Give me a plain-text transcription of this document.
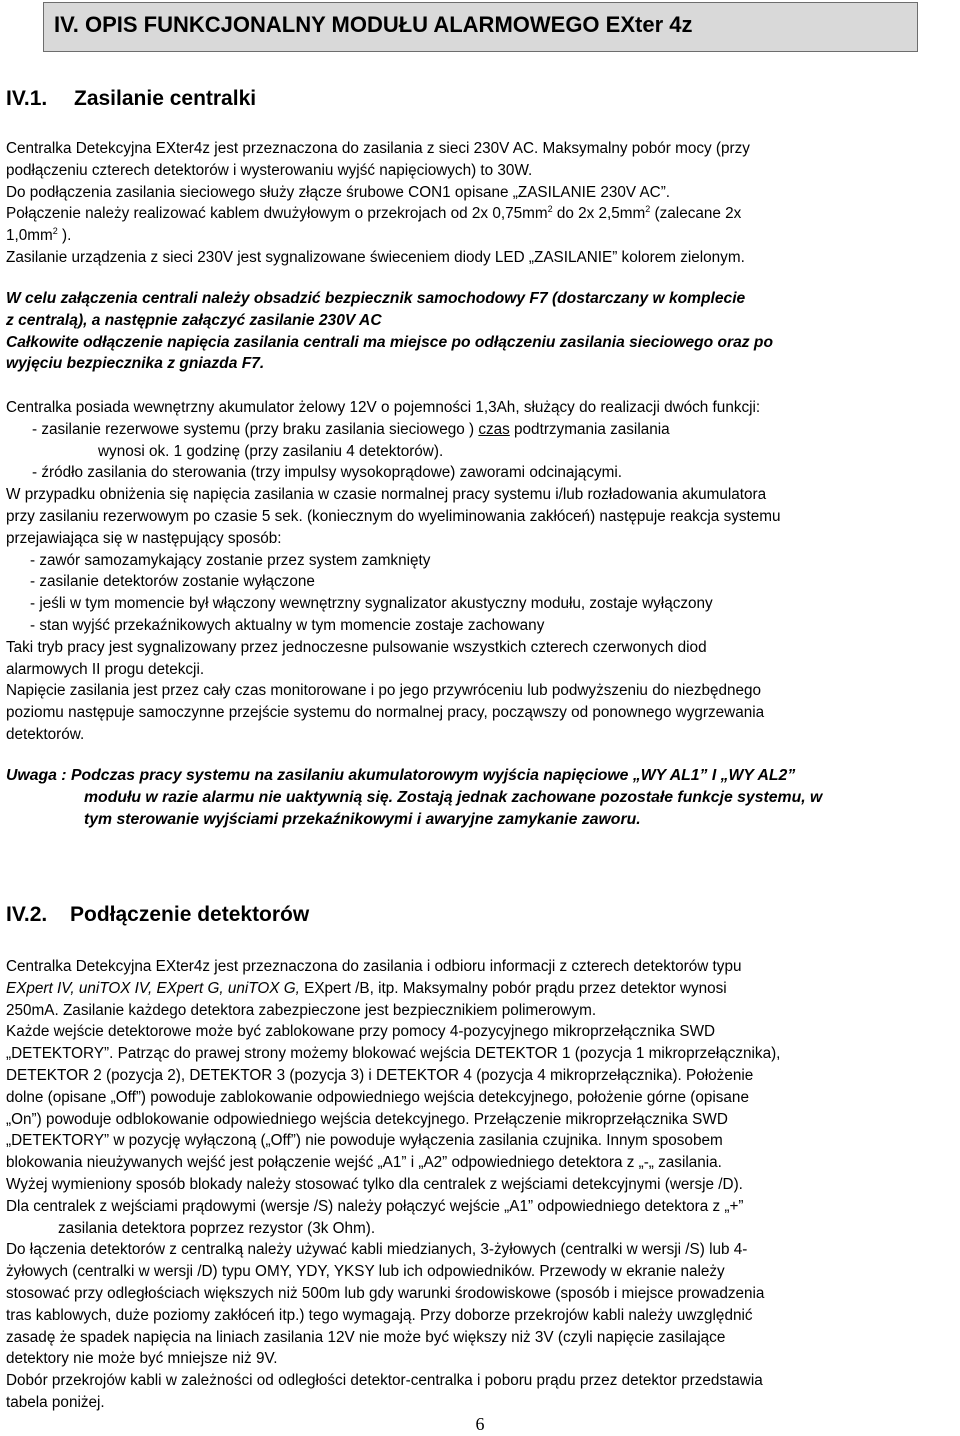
IV. OPIS FUNKCJONALNY MODUŁU ALARMOWEGO EXter 4z
IV.1. Zasilanie centralki
Centralka Detekcyjna EXter4z jest przeznaczona do zasilania z sieci 230V AC. Maksymalny pobór mocy (przy
podłączeniu czterech detektorów i wysterowaniu wyjść napięciowych) to 30W.
Do podłączenia zasilania sieciowego służy złącze śrubowe CON1 opisane „ZASILANIE 230V AC”.
Połączenie należy realizować kablem dwużyłowym o przekrojach od 2x $0,75mm^2$ do 2x $2,5mm^2$ (zalecane 2x
$1,0mm^2$ ).
Zasilanie urządzenia z sieci 230V jest sygnalizowane świeceniem diody LED „ZASILANIE” kolorem zielonym.
W celu załączenia centrali należy obsadzić bezpiecznik samochodowy F7 (dostarczany w komplecie
z centralą), a następnie załączyć zasilanie 230V AC
Całkowite odłączenie napięcia zasilania centrali ma miejsce po odłączeniu zasilania sieciowego oraz po
wyjęciu bezpiecznika z gniazda F7.
Centralka posiada wewnętrzny akumulator żelowy 12V o pojemności 1,3Ah, służący do realizacji dwóch funkcji:
- zasilanie rezerwowe systemu (przy braku zasilania sieciowego ) czas podtrzymania zasilania
wynosi ok. 1 godzinę (przy zasilaniu 4 detektorów).
- źródło zasilania do sterowania (trzy impulsy wysokoprądowe) zaworami odcinającymi.
W przypadku obniżenia się napięcia zasilania w czasie normalnej pracy systemu i/lub rozładowania akumulatora
przy zasilaniu rezerwowym po czasie 5 sek. (koniecznym do wyeliminowania zakłóceń) następuje reakcja systemu
przejawiająca się w następujący sposób:
- zawór samozamykający zostanie przez system zamknięty
- zasilanie detektorów zostanie wyłączone
- jeśli w tym momencie był włączony wewnętrzny sygnalizator akustyczny modułu, zostaje wyłączony
- stan wyjść przekaźnikowych aktualny w tym momencie zostaje zachowany
Taki tryb pracy jest sygnalizowany przez jednoczesne pulsowanie wszystkich czterech czerwonych diod
alarmowych II progu detekcji.
Napięcie zasilania jest przez cały czas monitorowane i po jego przywróceniu lub podwyższeniu do niezbędnego
poziomu następuje samoczynne przejście systemu do normalnej pracy, począwszy od ponownego wygrzewania
detektorów.
Uwaga : Podczas pracy systemu na zasilaniu akumulatorowym wyjścia napięciowe „WY AL1” I „WY AL2”
modułu w razie alarmu nie uaktywnią się. Zostają jednak zachowane pozostałe funkcje systemu, w
tym sterowanie wyjściami przekaźnikowymi i awaryjne zamykanie zaworu.
IV.2. Podłączenie detektorów
Centralka Detekcyjna EXter4z jest przeznaczona do zasilania i odbioru informacji z czterech detektorów typu
EXpert IV, uniTOX IV, EXpert G, uniTOX G, EXpert /B, itp. Maksymalny pobór prądu przez detektor wynosi
250mA. Zasilanie każdego detektora zabezpieczone jest bezpiecznikiem polimerowym.
Każde wejście detektorowe może być zablokowane przy pomocy 4-pozycyjnego mikroprzełącznika SWD
„DETEKTORY”. Patrząc do prawej strony możemy blokować wejścia DETEKTOR 1 (pozycja 1 mikroprzełącznika),
DETEKTOR 2 (pozycja 2), DETEKTOR 3 (pozycja 3) i DETEKTOR 4 (pozycja 4 mikroprzełącznika). Położenie
dolne (opisane „Off”) powoduje zablokowanie odpowiedniego wejścia detekcyjnego, położenie górne (opisane
„On”) powoduje odblokowanie odpowiedniego wejścia detekcyjnego. Przełączenie mikroprzełącznika SWD
„DETEKTORY” w pozycję wyłączoną („Off”) nie powoduje wyłączenia zasilania czujnika. Innym sposobem
blokowania nieużywanych wejść jest połączenie wejść „A1” i „A2” odpowiedniego detektora z „-„ zasilania.
Wyżej wymieniony sposób blokady należy stosować tylko dla centralek z wejściami detekcyjnymi (wersje /D).
Dla centralek z wejściami prądowymi (wersje /S) należy połączyć wejście „A1” odpowiedniego detektora z „+”
zasilania detektora poprzez rezystor (3k Ohm).
Do łączenia detektorów z centralką należy używać kabli miedzianych, 3-żyłowych (centralki w wersji /S) lub 4-
żyłowych (centralki w wersji /D) typu OMY, YDY, YKSY lub ich odpowiedników. Przewody w ekranie należy
stosować przy odległościach większych niż 500m lub gdy warunki środowiskowe (sposób i miejsce prowadzenia
tras kablowych, duże poziomy zakłóceń itp.) tego wymagają. Przy doborze przekrojów kabli należy uwzględnić
zasadę że spadek napięcia na liniach zasilania 12V nie może być większy niż 3V (czyli napięcie zasilające
detektory nie może być mniejsze niż 9V.
Dobór przekrojów kabli w zależności od odległości detektor-centralka i poboru prądu przez detektor przedstawia
tabela poniżej.
6
